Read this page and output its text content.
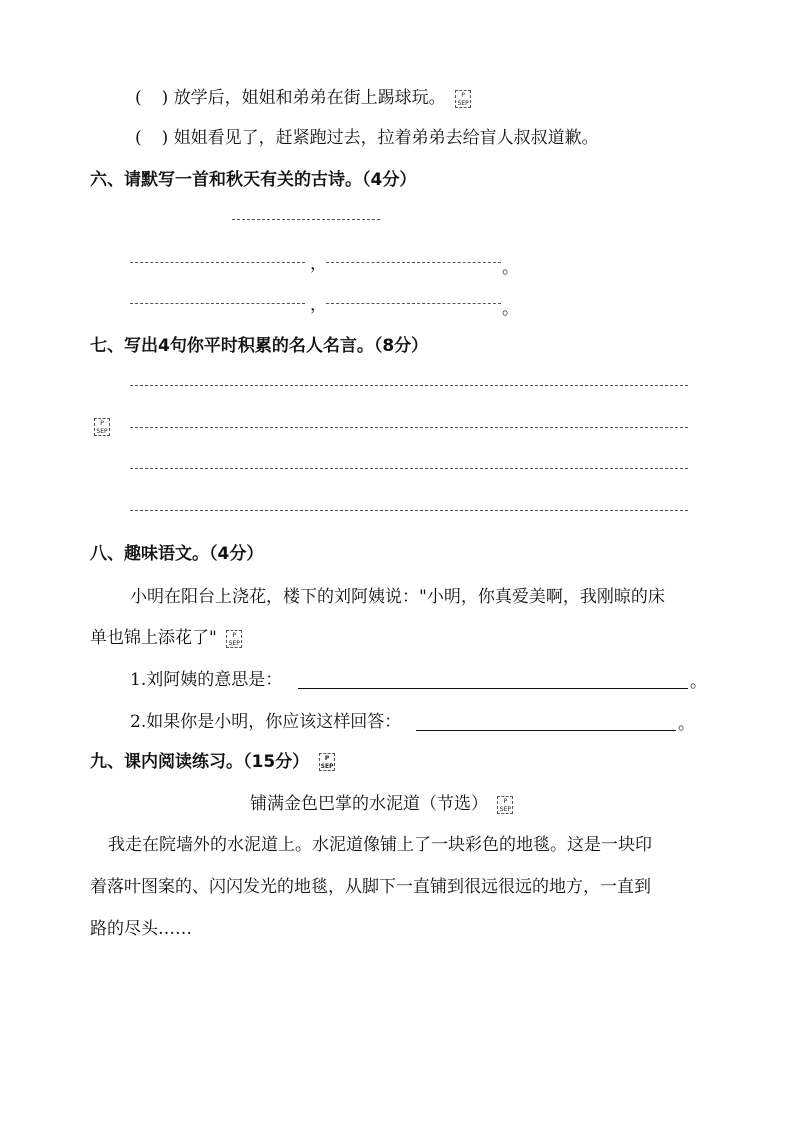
( ) 放学后，姐姐和弟弟在街上踢球玩。	P
SEP
( ) 姐姐看见了，赶紧跑过去，拉着弟弟去给盲人叔叔道歉。
六、请默写一首和秋天有关的古诗。（4分）
，	。
，	。
七、写出4句你平时积累的名人名言。（8分）
P
SEP
八、趣味语文。（4分）
小明在阳台上浇花，楼下的刘阿姨说："小明，你真爱美啊，我刚晾的床
单也锦上添花了"	P
SEP
1.刘阿姨的意思是：	。
2.如果你是小明，你应该这样回答：	。
九、课内阅读练习。（15分）	P
SEP
铺满金色巴掌的水泥道（节选）	P
SEP
我走在院墙外的水泥道上。水泥道像铺上了一块彩色的地毯。这是一块印
着落叶图案的、闪闪发光的地毯，从脚下一直铺到很远很远的地方，一直到
路的尽头……
